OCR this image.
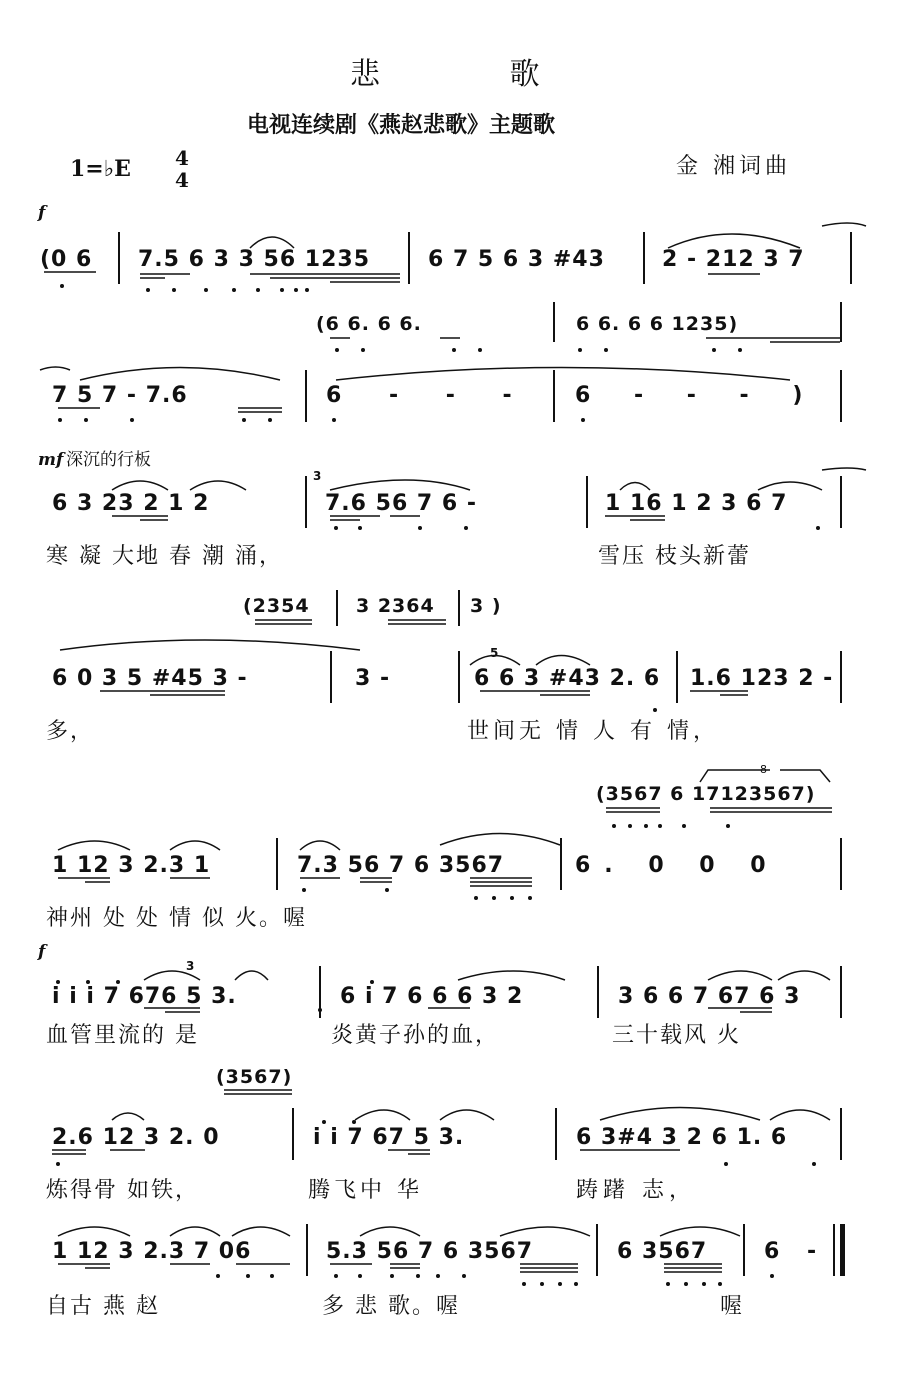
悲 歌
电视连续剧《燕赵悲歌》主题歌
1=♭E 4
4
金 湘词曲
f
(0 6 7.5 6 3 3 56 1235	6 7 5 6 3 #43	2 - 212 3 7
(6 6. 6 6.	6 6. 6 6 1235)
7 5 7 - 7.6	6 - - - 6 - - - )
mf 深沉的行板
3
6 3 23 2 1 2	7.6 56 7 6 -	1 16 1 2 3 6 7
寒 凝 大地 春 潮 涌，	雪压 枝头新蕾
(2354 3 2364 3 )
5
6 0 3 5 #45 3 -	3 -	6 6 3 #43 2. 6 1.6 123 2 -
多，	世间无 情 人 有 情，
8
(3567 6 17123567)
1 12 3 2.3 1	7.3 56 7 6 3567	6. 0 0 0
神州 处 处 情 似 火。喔
f
3
i i i 7 676 5 3.	6 i 7 6 6 6 3 2	3 6 6 7 67 6 3
血管里流的 是	炎黄子孙的血，	三十载风 火
(3567)
2.6 12 3 2. 0	i i 7 67 5 3.	6 3#4 3 2 6 1. 6
炼得骨 如铁，	腾飞中 华	踌躇 志，
1 12 3 2.3 7 06	5.3 56 7 6 3567	6 3567	6 -
自古 燕 赵	多 悲 歌。喔	喔
